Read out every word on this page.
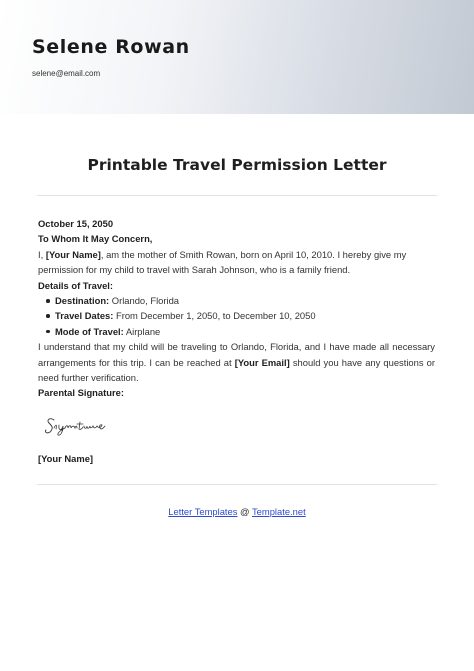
Selene Rowan
selene@email.com
Printable Travel Permission Letter

October 15, 2050

To Whom It May Concern,

I, [Your Name], am the mother of Smith Rowan, born on April 10, 2010. I hereby give my permission for my child to travel with Sarah Johnson, who is a family friend.

Details of Travel:

Destination: Orlando, Florida
Travel Dates: From December 1, 2050, to December 10, 2050
Mode of Travel: Airplane

I understand that my child will be traveling to Orlando, Florida, and I have made all necessary arrangements for this trip. I can be reached at [Your Email] should you have any questions or need further verification.

Parental Signature:

[Your Name]
Letter Templates @ Template.net
